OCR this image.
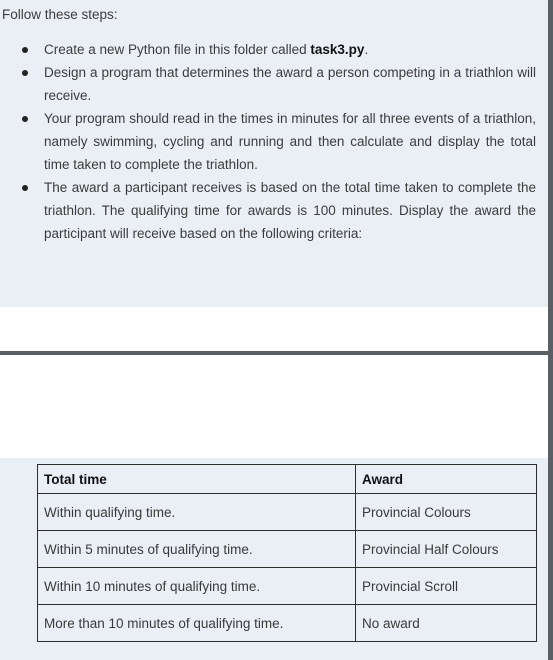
Follow these steps:

Create a new Python file in this folder called task3.py.
Design a program that determines the award a person competing in a triathlon will receive.
Your program should read in the times in minutes for all three events of a triathlon, namely swimming, cycling and running and then calculate and display the total time taken to complete the triathlon.
The award a participant receives is based on the total time taken to complete the triathlon. The qualifying time for awards is 100 minutes. Display the award the participant will receive based on the following criteria:
Total time	Award
Within qualifying time.	Provincial Colours
Within 5 minutes of qualifying time.	Provincial Half Colours
Within 10 minutes of qualifying time.	Provincial Scroll
More than 10 minutes of qualifying time.	No award
